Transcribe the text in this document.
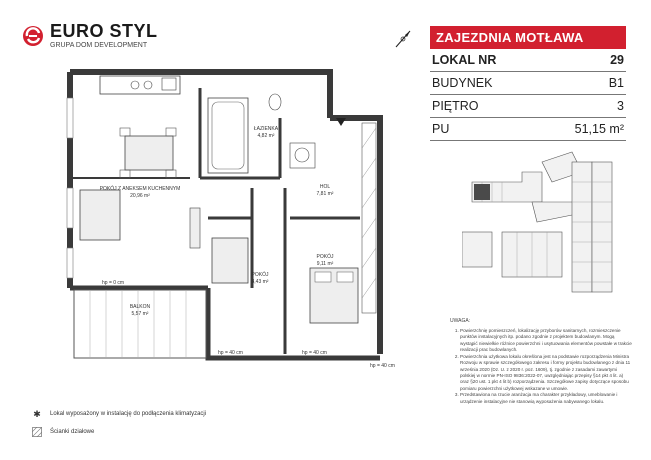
EURO STYL
GRUPA DOM DEVELOPMENT
POKÓJ Z ANEKSEM KUCHENNYM
20,96 m²
ŁAZIENKA
4,82 m²
HOL
7,81 m²
POKÓJ
8,43 m²
POKÓJ
9,11 m²
BALKON
5,57 m²
hp = 0 cm
hp = 40 cm	hp = 40 cm
hp = 40 cm
ZAJEZDNIA MOTŁAWA
LOKAL NR	29
BUDYNEK	B1
PIĘTRO	3
PU	51,15 m²
UWAGA:
1. Powierzchnię pomieszczeń, lokalizację przyborów sanitarnych, rozmieszczenie punktów instalacyjnych itp. podano zgodnie z projektem budowlanym. Mogą wystąpić niewielkie różnice powierzchni i usytuowania elementów powstałe w trakcie realizacji prac budowlanych.
2. Powierzchnia użytkowa lokalu określona jest na podstawie rozporządzenia Ministra Rozwoju w sprawie szczegółowego zakresu i formy projektu budowlanego z dnia 11 września 2020 (Dz. U. z 2020 r. poz. 1609), tj. zgodnie z zasadami zawartymi polskiej w normie PN-ISO 9836:2022-07, uwzględniając przepisy §14 pkt 4 lit. a) oraz §20 ust. 1 pkt 4 lit b) rozporządzenia. Szczegółowe zapisy dotyczące sposobu pomiaru powierzchni użytkowej wskazane w umowie.
3. Przedstawiona na rzucie aranżacja ma charakter przykładowy, umeblowanie i urządzenie instalacyjne nie stanowią wyposażenia nabywanego lokalu.
✱ Lokal wyposażony w instalację do podłączenia klimatyzacji
Ścianki działowe
